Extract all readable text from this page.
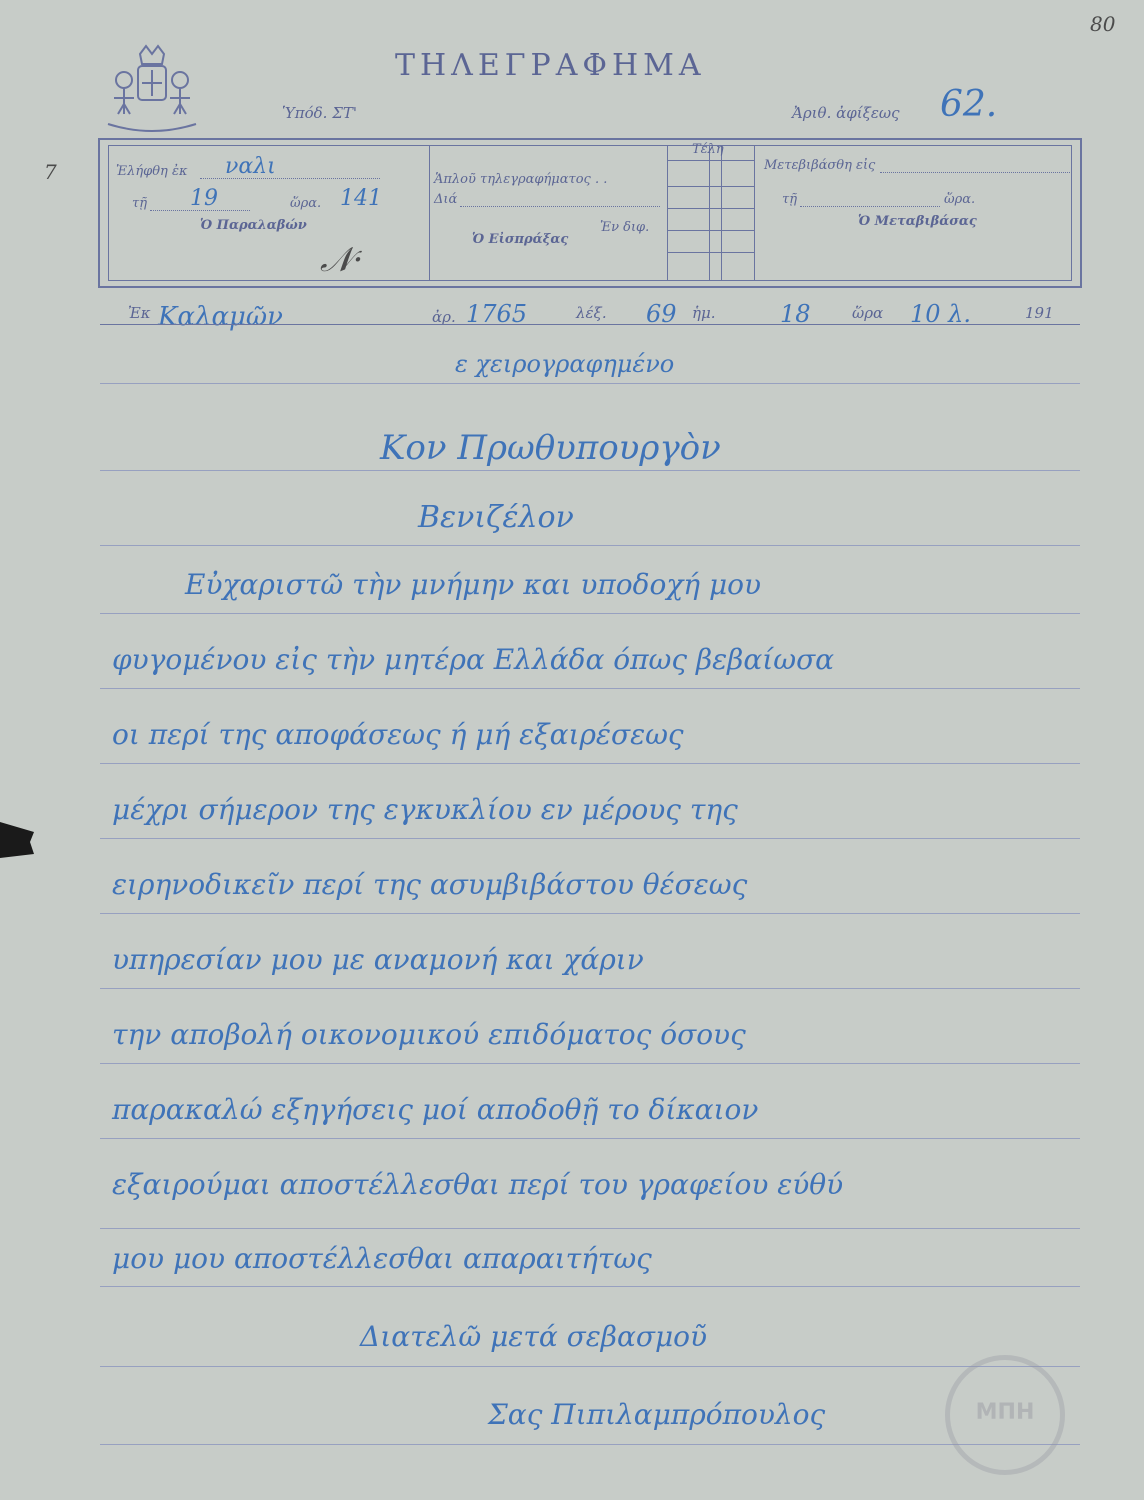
ΤΗΛΕΓΡΑΦΗΜΑ
Ὑπόδ. ΣΤ'	Ἀριθ. ἀφίξεως 62.
80
7	Ἐλήφθη ἐκ ναλι
τῇ 19	ὥρα. 141
Ὁ Παραλαβών
𝒩·
Ἁπλοῦ τηλεγραφήματος . .
Διά
Ἐν διφ.
Ὁ Εἰσπράξας
Τέλη
Μετεβιβάσθη εἰς
τῇ	ὥρα.
Ὁ Μεταβιβάσας
Ἐκ Καλαμῶν	ἀρ. 1765	λέξ. 69 ἡμ.	18	ὥρα 10 λ.	191
ε χειρογραφημένο
Κον Πρωθυπουργὸν
Βενιζέλον
Εὐχαριστῶ τὴν μνήμην και υποδοχή μου
φυγομένου εἰς τὴν μητέρα Ελλάδα όπως βεβαίωσα
οι περί της αποφάσεως ή μή εξαιρέσεως
μέχρι σήμερον της εγκυκλίου εν μέρους της
ειρηνοδικεῖν περί της ασυμβιβάστου θέσεως
υπηρεσίαν μου με αναμονή και χάριν
την αποβολή οικονομικού επιδόματος όσους
παρακαλώ εξηγήσεις μοί αποδοθῇ το δίκαιον
εξαιρούμαι αποστέλλεσθαι περί του γραφείου εύθύ
μου μου αποστέλλεσθαι απαραιτήτως
Διατελῶ μετά σεβασμοῦ
Σας Πιπιλαμπρόπουλος	ΜΠΗ
